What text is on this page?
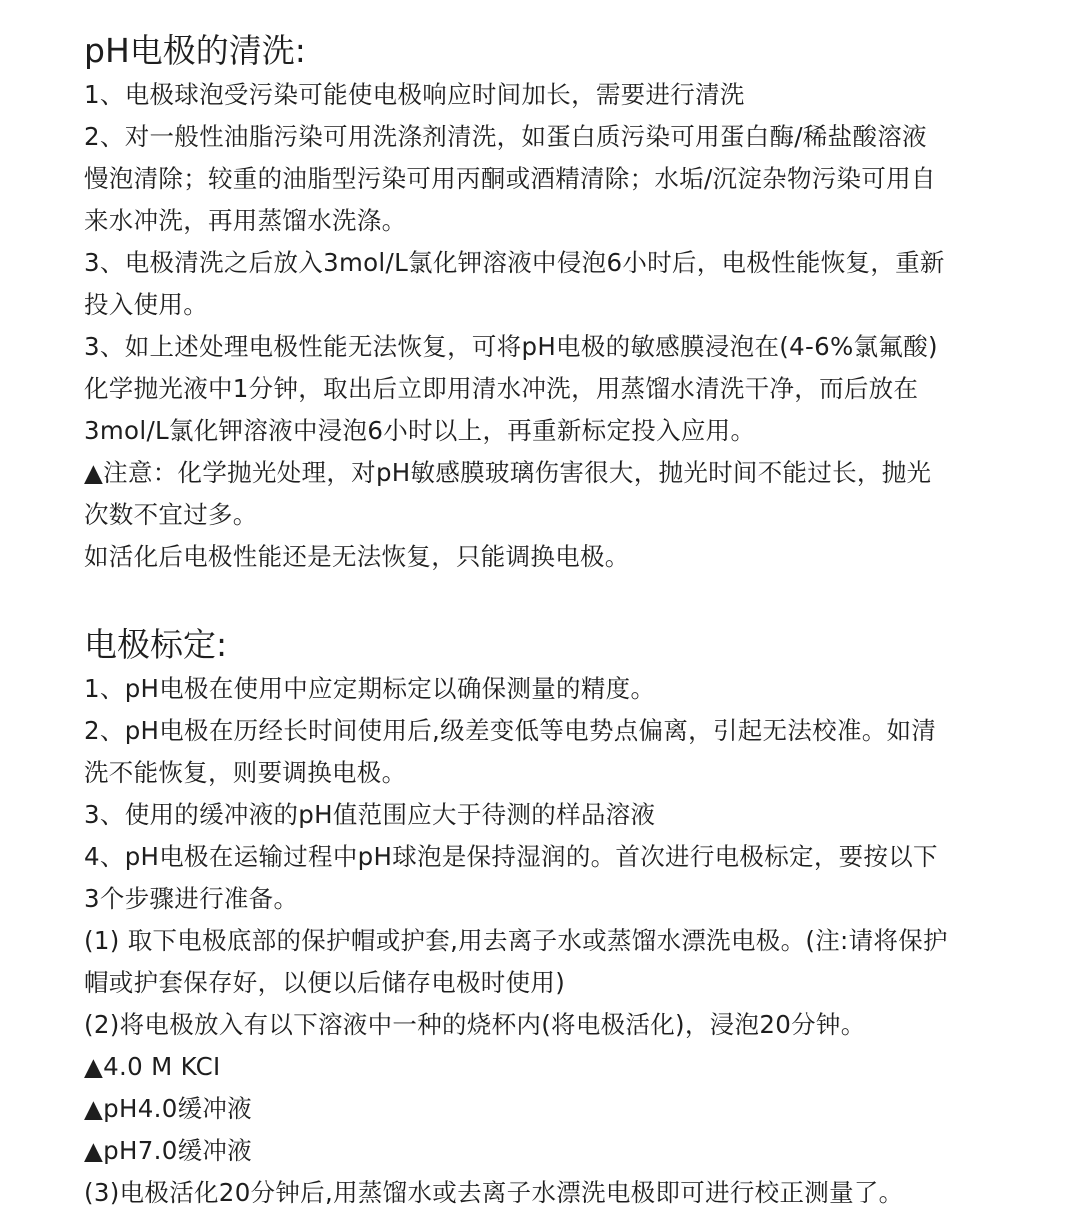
pH电极的清洗:

1、电极球泡受污染可能使电极响应时间加长，需要进行清洗

2、对一般性油脂污染可用洗涤剂清洗，如蛋白质污染可用蛋白酶/稀盐酸溶液
慢泡清除；较重的油脂型污染可用丙酮或酒精清除；水垢/沉淀杂物污染可用自
来水冲洗，再用蒸馏水洗涤。

3、电极清洗之后放入3mol/L氯化钾溶液中侵泡6小时后，电极性能恢复，重新
投入使用。

3、如上述处理电极性能无法恢复，可将pH电极的敏感膜浸泡在(4-6%氯氟酸)
化学抛光液中1分钟，取出后立即用清水冲洗，用蒸馏水清洗干净，而后放在
3mol/L氯化钾溶液中浸泡6小时以上，再重新标定投入应用。

▲注意：化学抛光处理，对pH敏感膜玻璃伤害很大，抛光时间不能过长，抛光
次数不宜过多。

如活化后电极性能还是无法恢复，只能调换电极。

电极标定:

1、pH电极在使用中应定期标定以确保测量的精度。

2、pH电极在历经长时间使用后,级差变低等电势点偏离，引起无法校准。如清
洗不能恢复，则要调换电极。

3、使用的缓冲液的pH值范围应大于待测的样品溶液

4、pH电极在运输过程中pH球泡是保持湿润的。首次进行电极标定，要按以下
3个步骤进行准备。

(1) 取下电极底部的保护帽或护套,用去离子水或蒸馏水漂洗电极。(注:请将保护
帽或护套保存好，以便以后储存电极时使用)

(2)将电极放入有以下溶液中一种的烧杯内(将电极活化)，浸泡20分钟。

▲4.0 M KCI

▲pH4.0缓冲液

▲pH7.0缓冲液

(3)电极活化20分钟后,用蒸馏水或去离子水漂洗电极即可进行校正测量了。
